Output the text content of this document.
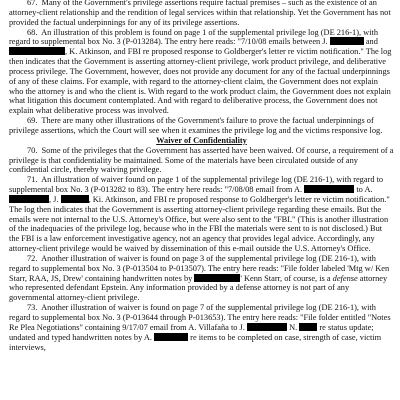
67. Many of the Government's privilege assertions require factual premises – such as the existence of an attorney-client relationship and the rendition of legal services within that relationship. Yet the Government has not provided the factual underpinnings for any of its privilege assertions.

68. An illustration of this problem is found on page 1 of the supplemental privilege log (DE 216-1), with regard to supplemental box No. 3 (P-013284). The entry here reads: "7/10/08 emails between J.	and , K. Atkinson, and FBI re proposed response to Goldberger's letter re victim notification." The log then indicates that the Government is asserting attorney-client privilege, work product privilege, and deliberative process privilege. The Government, however, does not provide any document for any of the factual underpinnings of any of these claims. For example, with regard to the attorney-client claim, the Government does not explain who the attorney is and who the client is. With regard to the work product claim, the Government does not explain what litigation this document contemplated. And with regard to deliberative process, the Government does not explain what deliberative process was involved.

69. There are many other illustrations of the Government's failure to prove the factual underpinnings of privilege assertions, which the Court will see when it examines the privilege log and the victims responsive log.

Waiver of Confidentiality

70. Some of the privileges that the Government has asserted have been waived. Of course, a requirement of a privilege is that confidentiality be maintained. Some of the materials have been circulated outside of any confidential circle, thereby waiving privilege.

71. An illustration of waiver found on page 1 of the supplemental privilege log (DE 216-1), with regard to supplemental box No. 3 (P-013282 to 83). The entry here reads: "7/08/08 email from A.	to A. , J.	, Ki. Atkinson, and FBI re proposed response to Goldberger's letter re victim notification." The log then indicates that the Government is asserting attorney-client privilege regarding these emails. But the emails were not internal to the U.S. Attorney's Office, but were also sent to the "FBI." (This is another illustration of the inadequacies of the privilege log, because who in the FBI the materials were sent to is not disclosed.) But the FBI is a law enforcement investigative agency, not an agency that provides legal advice. Accordingly, any attorney-client privilege would be waived by dissemination of this e-mail outside the U.S. Attorney's Office.

72. Another illustration of waiver is found on page 3 of the supplemental privilege log (DE 216-1), with regard to supplemental box No. 3 (P-013504 to P-013507). The entry here reads: "File folder labeled 'Mtg w/ Ken Starr, RAA, JS, Drew' containing handwritten notes by	' Kenn Starr, of course, is a defense attorney who represented defendant Epstein. Any information provided by a defense attorney is not part of any governmental attorney-client privilege.

73. Another illustration of waiver is found on page 7 of the supplemental privilege log (DE 216-1), with regard to supplemental box No. 3 (P-013644 through P-013653). The entry here reads: "File folder entitled "Notes Re Plea Negotiations" containing 9/17/07 email from A. Villafaña to J.	N.	re status update; undated and typed handwritten notes by A.	re items to be completed on case, strength of case, victim interviews,
